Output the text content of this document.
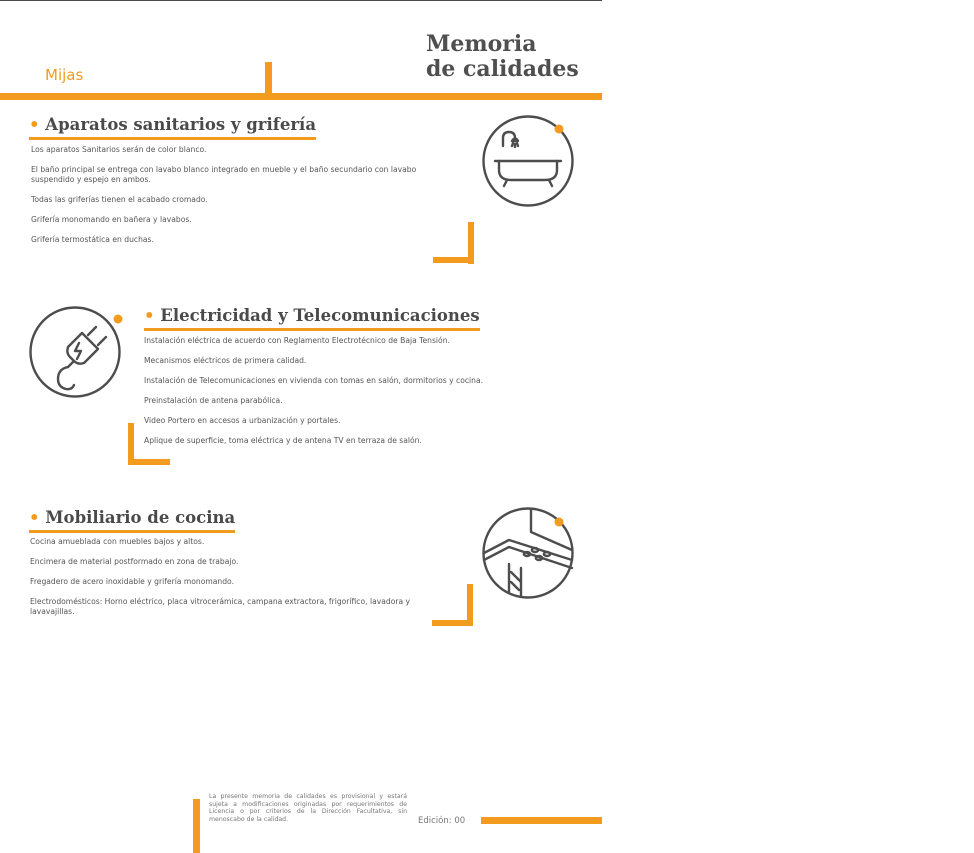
Mijas
Memoria
de calidades
• Aparatos sanitarios y grifería
Los aparatos Sanitarios serán de color blanco.
El baño principal se entrega con lavabo blanco integrado en mueble y el baño secundario con lavabo suspendido y espejo en ambos.
Todas las griferías tienen el acabado cromado.
Grifería monomando en bañera y lavabos.
Grifería termostática en duchas.
• Electricidad y Telecomunicaciones
Instalación eléctrica de acuerdo con Reglamento Electrotécnico de Baja Tensión.
Mecanismos eléctricos de primera calidad.
Instalación de Telecomunicaciones en vivienda con tomas en salón, dormitorios y cocina.
Preinstalación de antena parabólica.
Video Portero en accesos a urbanización y portales.
Aplique de superficie, toma eléctrica y de antena TV en terraza de salón.
• Mobiliario de cocina
Cocina amueblada con muebles bajos y altos.
Encimera de material postformado en zona de trabajo.
Fregadero de acero inoxidable y grifería monomando.
Electrodomésticos: Horno eléctrico, placa vitrocerámica, campana extractora, frigorífico, lavadora y lavavajillas.
La presente memoria de calidades es provisional y estará sujeta a modificaciones originadas por requerimientos de Licencia o por criterios de la Dirección Facultativa, sin menoscabo de la calidad.	Edición: 00
